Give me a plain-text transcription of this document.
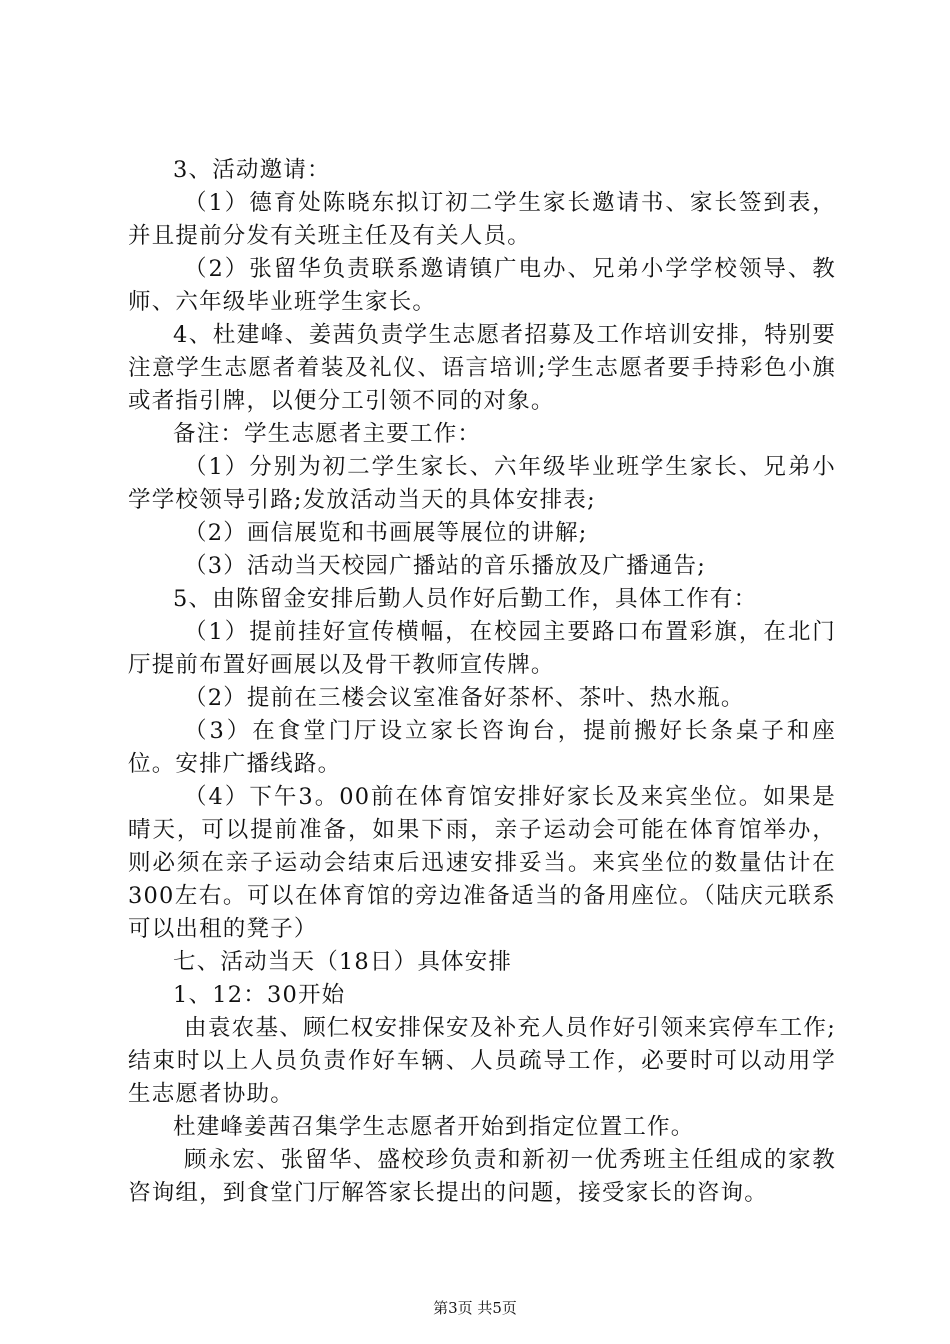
3、活动邀请：

（1）德育处陈晓东拟订初二学生家长邀请书、家长签到表，并且提前分发有关班主任及有关人员。

（2）张留华负责联系邀请镇广电办、兄弟小学学校领导、教师、六年级毕业班学生家长。

4、杜建峰、姜茜负责学生志愿者招募及工作培训安排，特别要注意学生志愿者着装及礼仪、语言培训;学生志愿者要手持彩色小旗或者指引牌，以便分工引领不同的对象。

备注：学生志愿者主要工作：

（1）分别为初二学生家长、六年级毕业班学生家长、兄弟小学学校领导引路;发放活动当天的具体安排表;

（2）画信展览和书画展等展位的讲解;

（3）活动当天校园广播站的音乐播放及广播通告;

5、由陈留金安排后勤人员作好后勤工作，具体工作有：

（1）提前挂好宣传横幅，在校园主要路口布置彩旗，在北门厅提前布置好画展以及骨干教师宣传牌。

（2）提前在三楼会议室准备好茶杯、茶叶、热水瓶。

（3）在食堂门厅设立家长咨询台，提前搬好长条桌子和座位。安排广播线路。

（4）下午3。00前在体育馆安排好家长及来宾坐位。如果是晴天，可以提前准备，如果下雨，亲子运动会可能在体育馆举办，则必须在亲子运动会结束后迅速安排妥当。来宾坐位的数量估计在300左右。可以在体育馆的旁边准备适当的备用座位。（陆庆元联系可以出租的凳子）

七、活动当天（18日）具体安排

1、12：30开始

由袁农基、顾仁权安排保安及补充人员作好引领来宾停车工作;结束时以上人员负责作好车辆、人员疏导工作，必要时可以动用学生志愿者协助。

杜建峰姜茜召集学生志愿者开始到指定位置工作。

顾永宏、张留华、盛校珍负责和新初一优秀班主任组成的家教咨询组，到食堂门厅解答家长提出的问题，接受家长的咨询。

第3页 共5页
